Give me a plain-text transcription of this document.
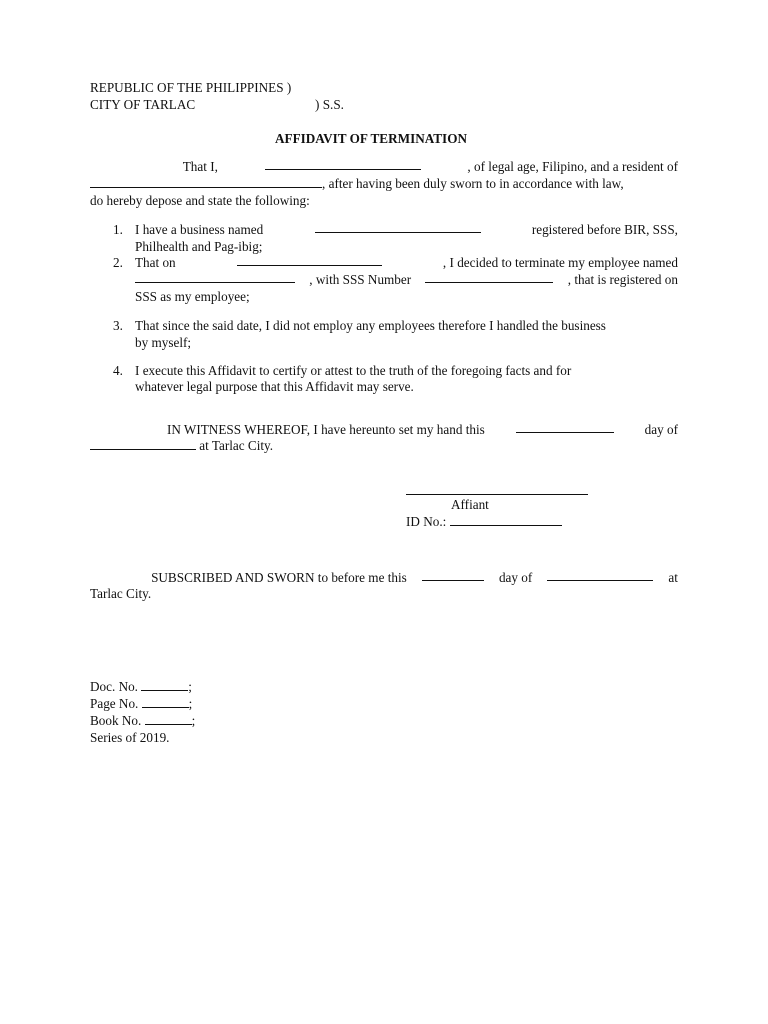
REPUBLIC OF THE PHILIPPINES )
CITY OF TARLAC	) S.S.
AFFIDAVIT OF TERMINATION
That I,	, of legal age, Filipino, and a resident of
, after having been duly sworn to in accordance with law,
do hereby depose and state the following:
1. I have a business named	registered before BIR, SSS,
Philhealth and Pag-ibig;
2. That on	, I decided to terminate my employee named
, with SSS Number	, that is registered on
SSS as my employee;
3. That since the said date, I did not employ any employees therefore I handled the business
by myself;
4. I execute this Affidavit to certify or attest to the truth of the foregoing facts and for
whatever legal purpose that this Affidavit may serve.
IN WITNESS WHEREOF, I have hereunto set my hand this	day of
at Tarlac City.
Affiant
ID No.:
SUBSCRIBED AND SWORN to before me this	day of	at
Tarlac City.
Doc. No.	;
Page No.	;
Book No.	;
Series of 2019.
